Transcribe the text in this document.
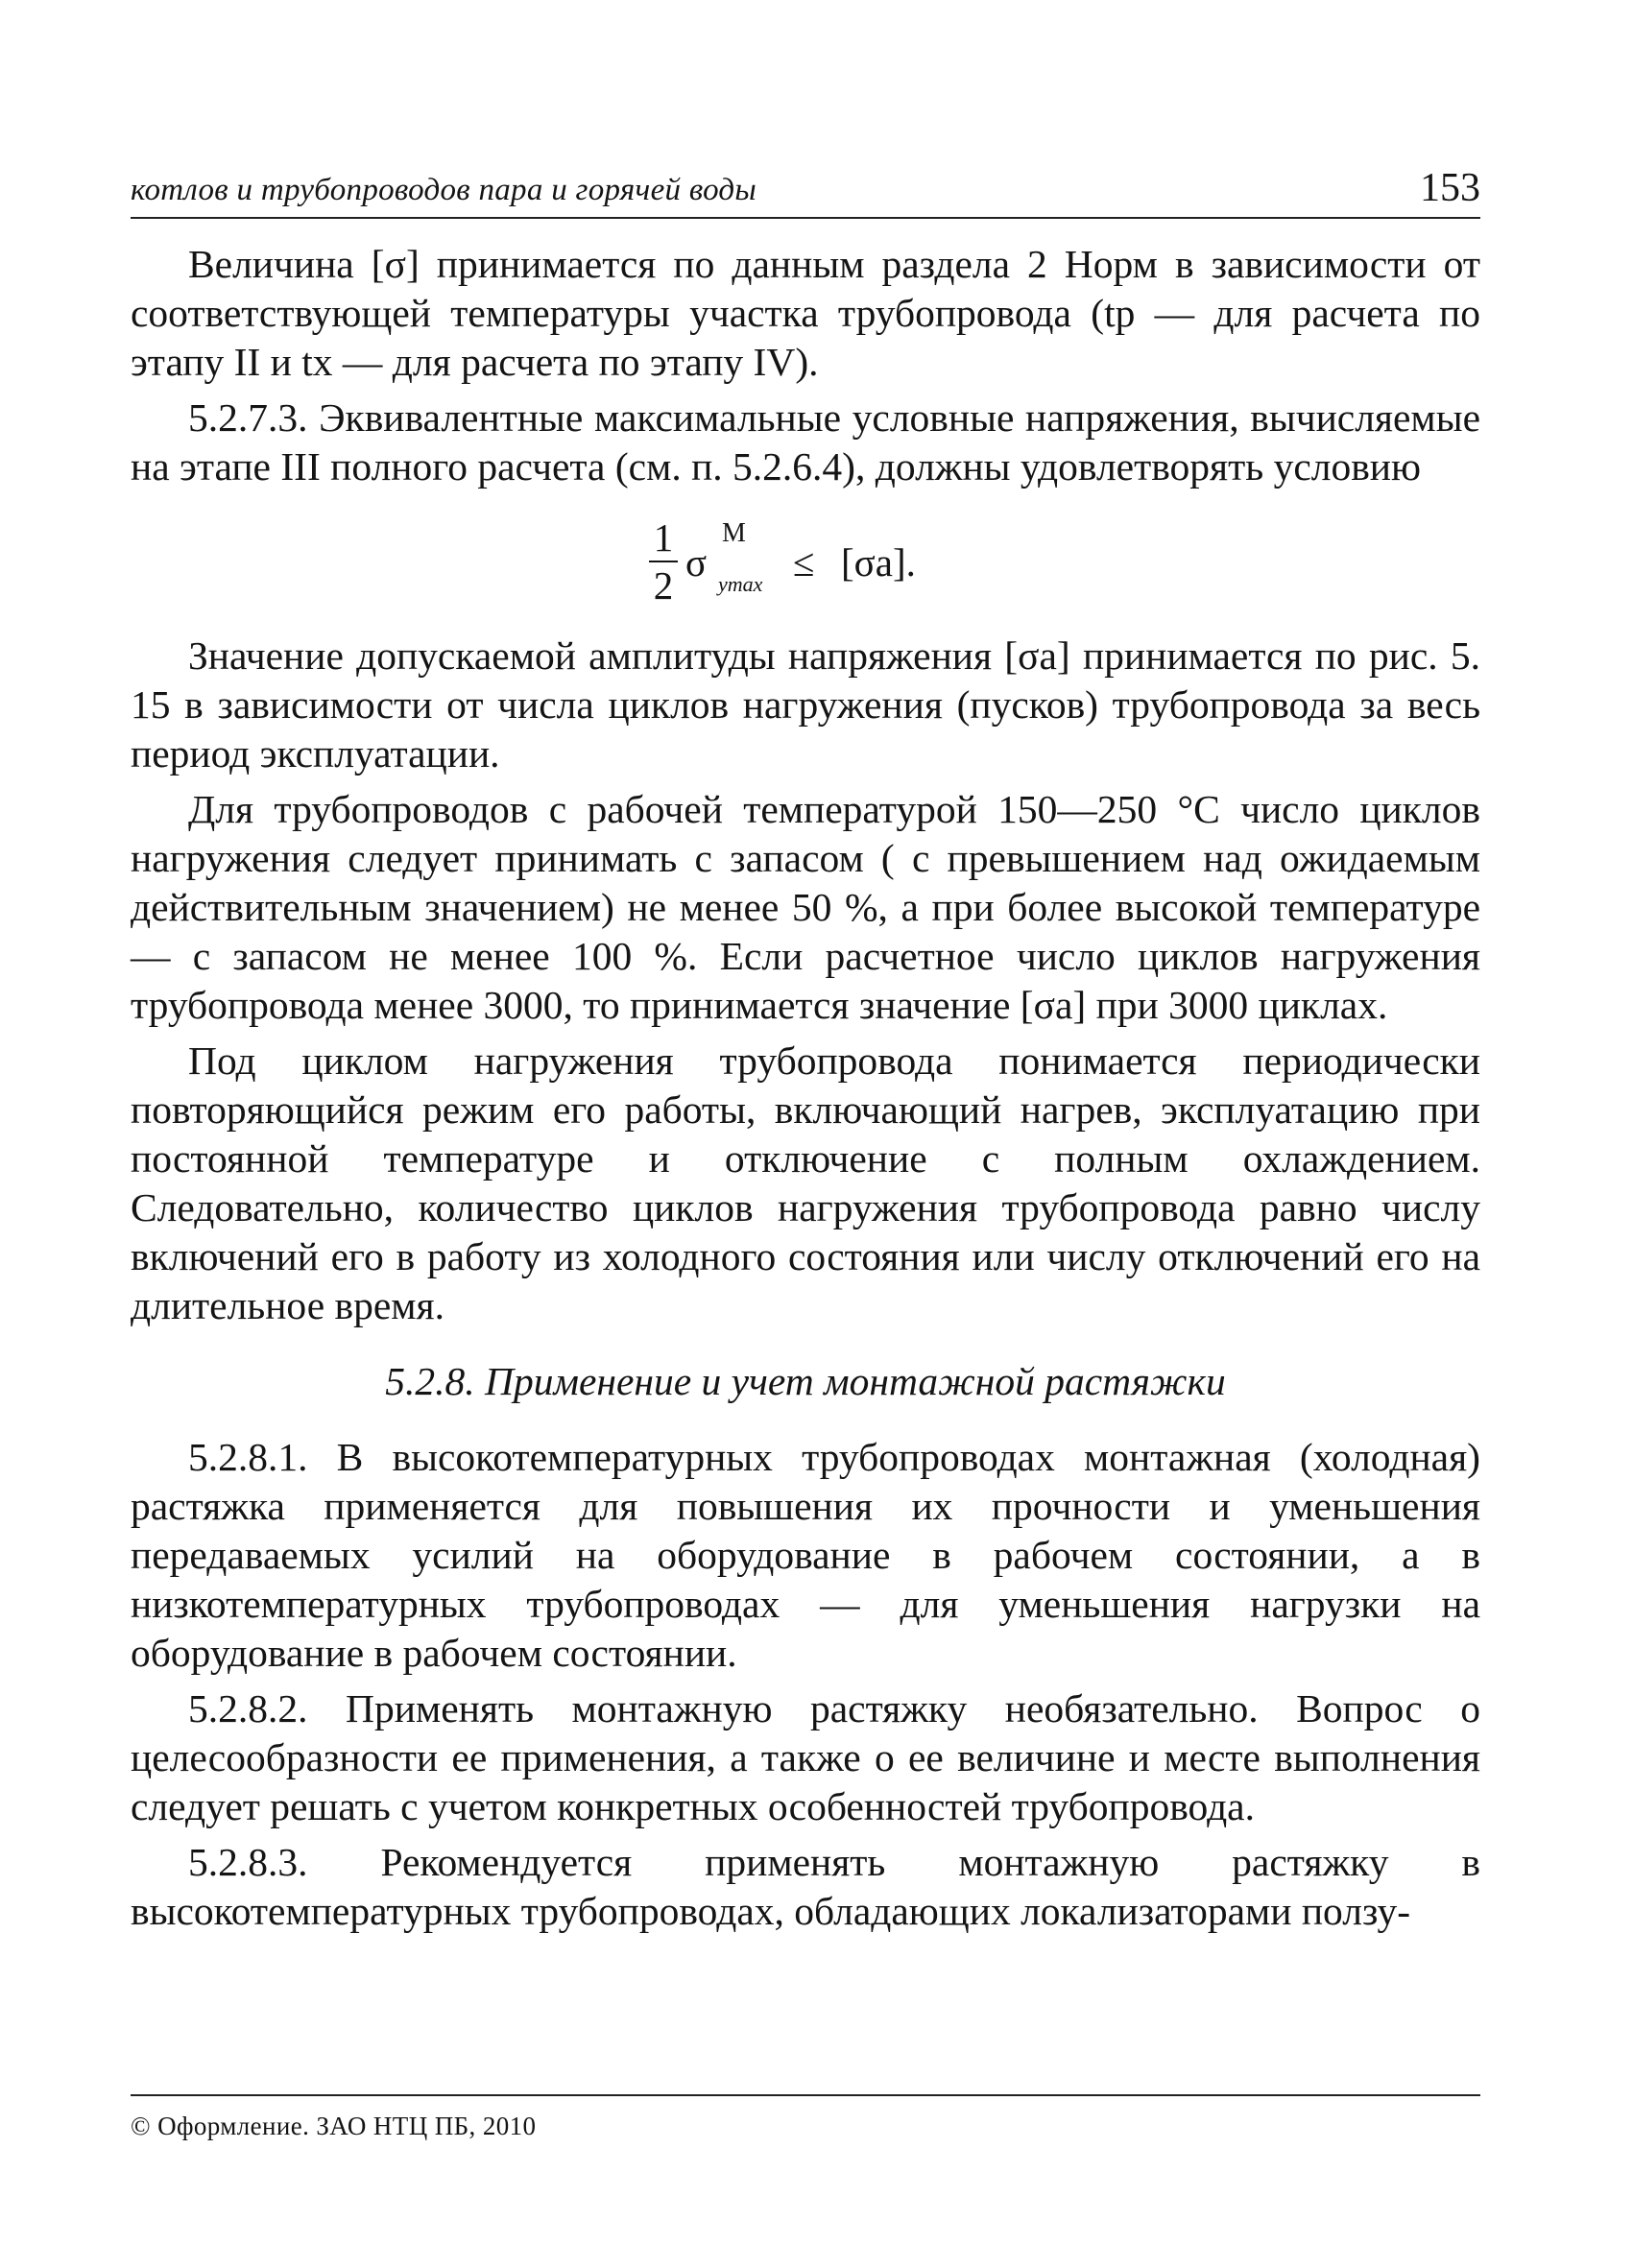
котлов и трубопроводов пара и горячей воды	153

Величина [σ] принимается по данным раздела 2 Норм в зависимости от соответствующей температуры участка трубопровода (tр — для расчета по этапу II и tх — для расчета по этапу IV).

5.2.7.3. Эквивалентные максимальные условные напряжения, вычисляемые на этапе III полного расчета (см. п. 5.2.6.4), должны удовлетворять условию

1
2
σ
М
ymax ≤ [σa].

Значение допускаемой амплитуды напряжения [σa] принимается по рис. 5. 15 в зависимости от числа циклов нагружения (пусков) трубопровода за весь период эксплуатации.

Для трубопроводов с рабочей температурой 150—250 °С число циклов нагружения следует принимать с запасом ( с превышением над ожидаемым действительным значением) не менее 50 %, а при более высокой температуре — с запасом не менее 100 %. Если расчетное число циклов нагружения трубопровода менее 3000, то принимается значение [σa] при 3000 циклах.

Под циклом нагружения трубопровода понимается периодически повторяющийся режим его работы, включающий нагрев, эксплуатацию при постоянной температуре и отключение с полным охлаждением. Следовательно, количество циклов нагружения трубопровода равно числу включений его в работу из холодного состояния или числу отключений его на длительное время.

5.2.8. Применение и учет монтажной растяжки

5.2.8.1. В высокотемпературных трубопроводах монтажная (холодная) растяжка применяется для повышения их прочности и уменьшения передаваемых усилий на оборудование в рабочем состоянии, а в низкотемпературных трубопроводах — для уменьшения нагрузки на оборудование в рабочем состоянии.

5.2.8.2. Применять монтажную растяжку необязательно. Вопрос о целесообразности ее применения, а также о ее величине и месте выполнения следует решать с учетом конкретных особенностей трубопровода.

5.2.8.3. Рекомендуется применять монтажную растяжку в высокотемпературных трубопроводах, обладающих локализаторами ползу-

© Оформление. ЗАО НТЦ ПБ, 2010
